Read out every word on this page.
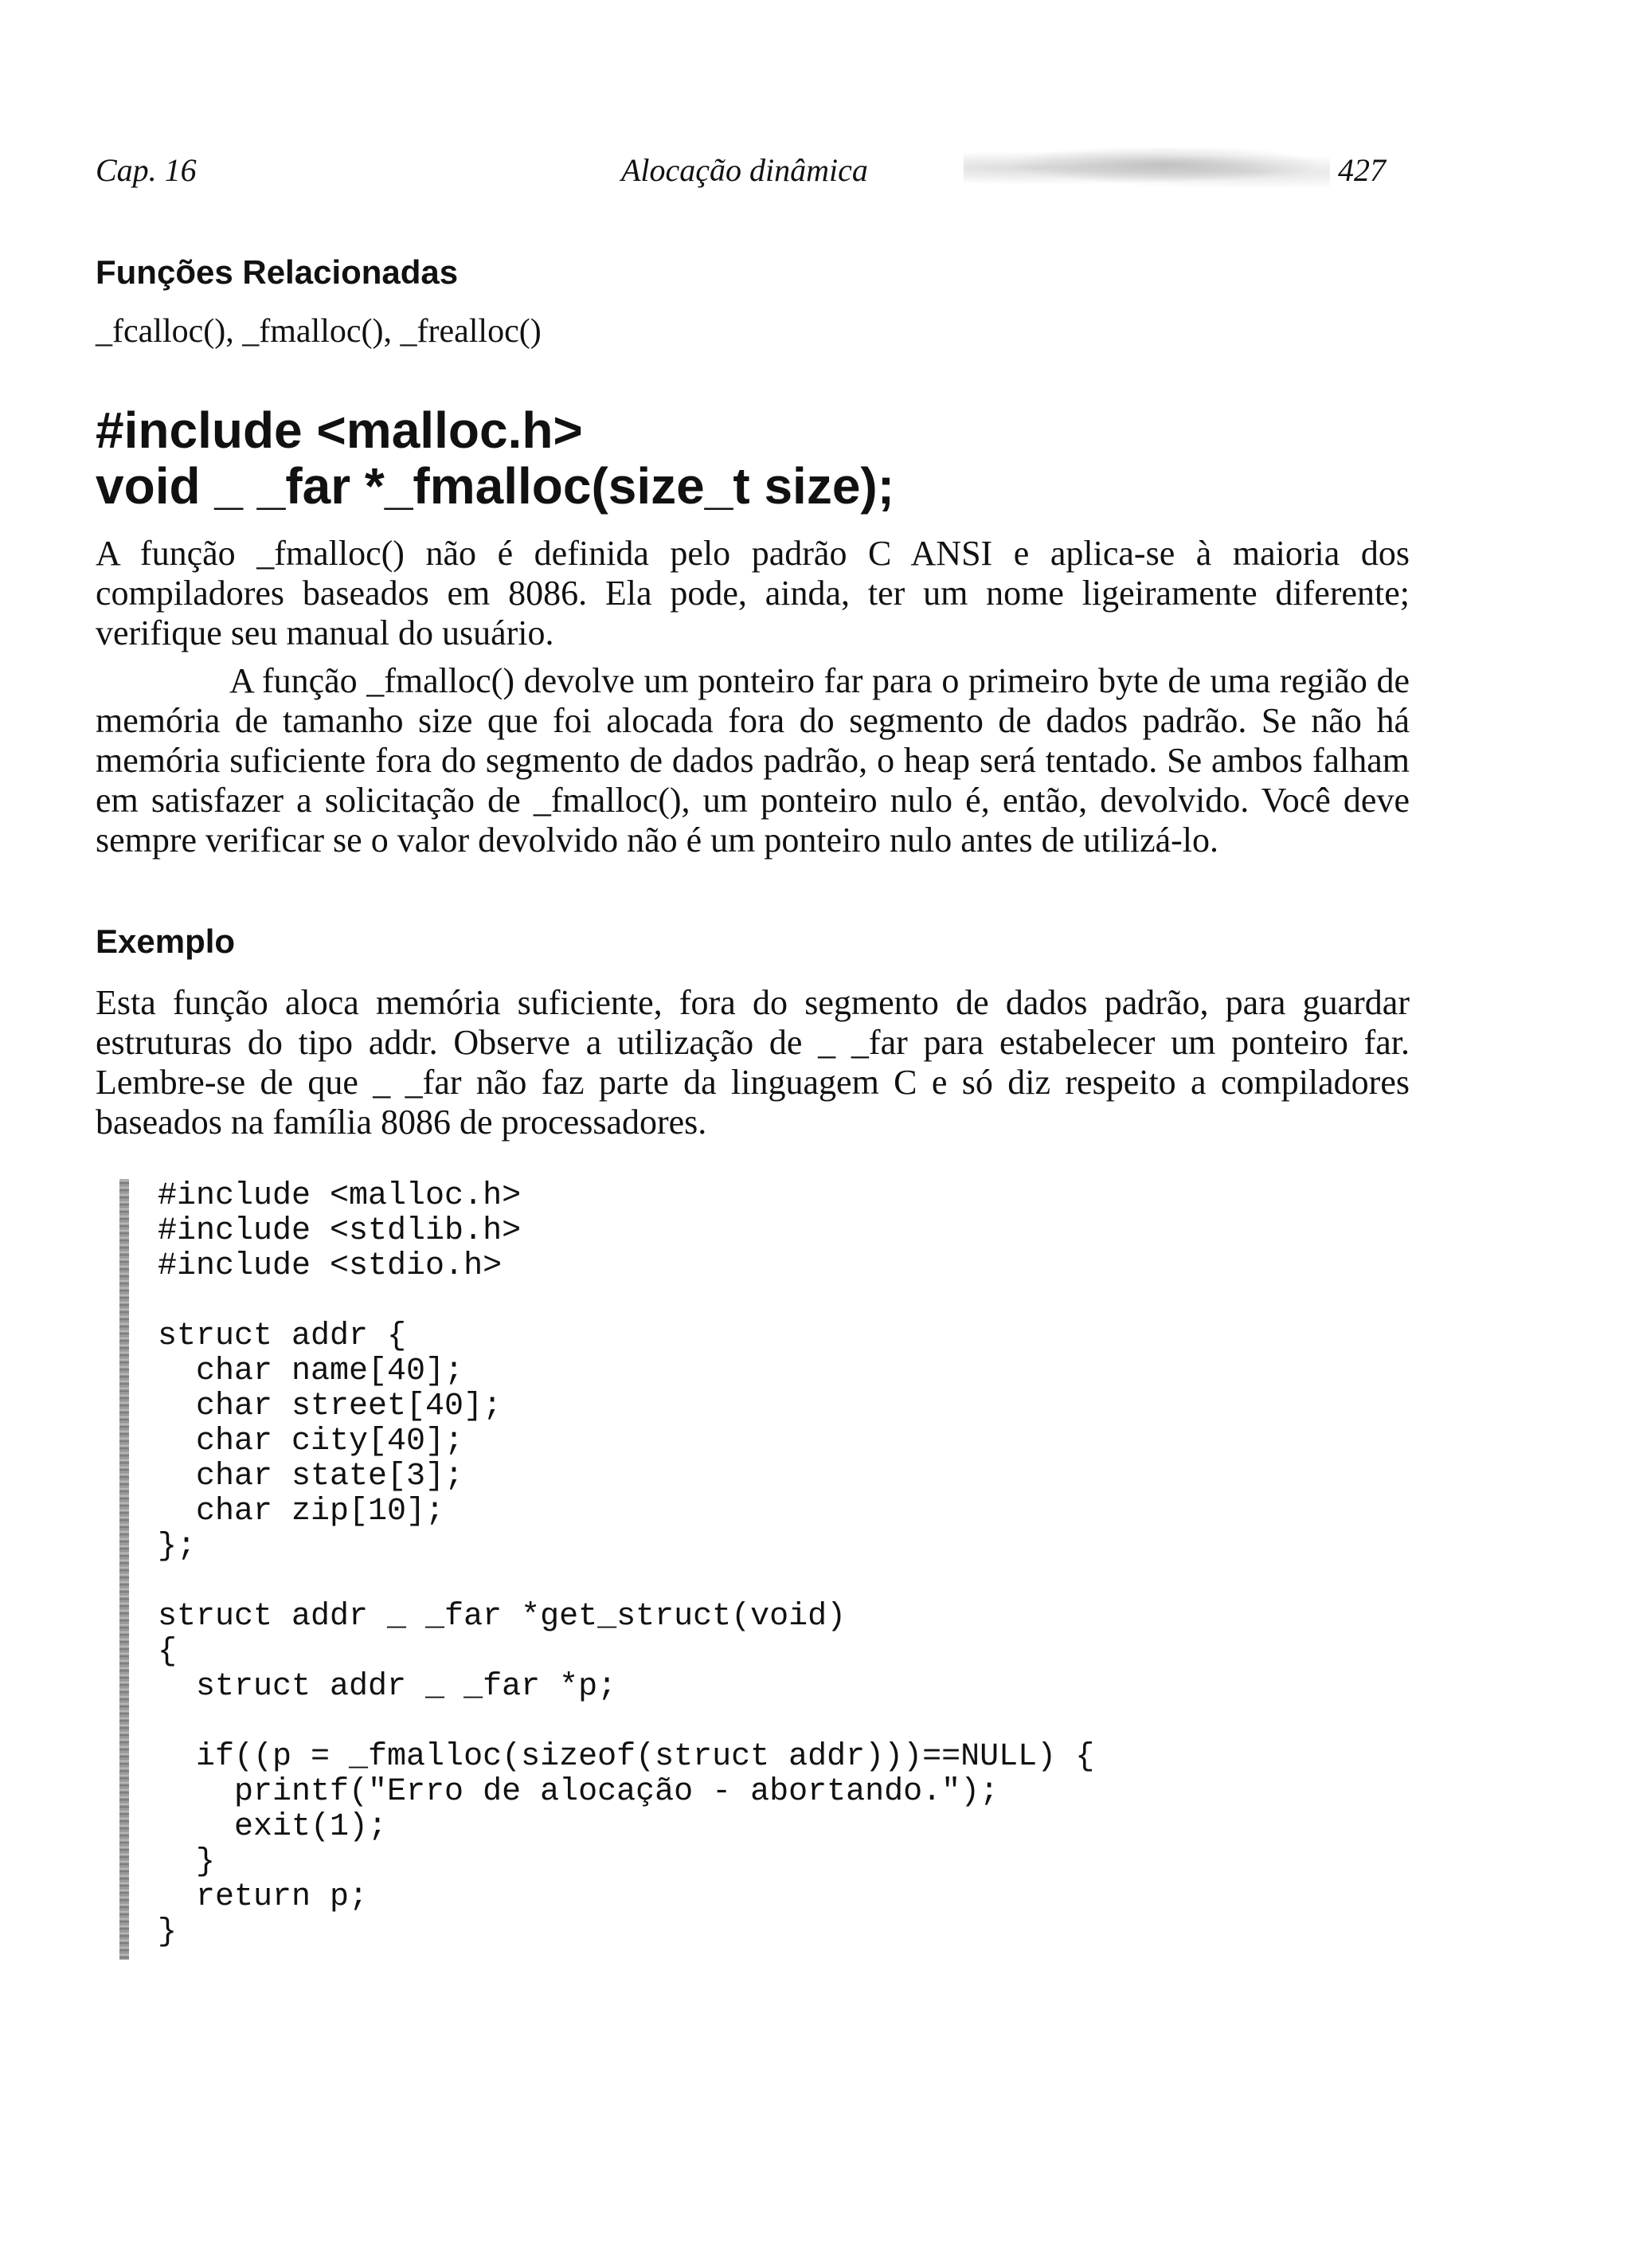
Cap. 16	Alocação dinâmica	427
Funções Relacionadas
_fcalloc(), _fmalloc(), _frealloc()
#include <malloc.h>
void _ _far *_fmalloc(size_t size);
A função _fmalloc() não é definida pelo padrão C ANSI e aplica-se à maioria dos compiladores baseados em 8086. Ela pode, ainda, ter um nome ligeiramente diferente; verifique seu manual do usuário.
A função _fmalloc() devolve um ponteiro far para o primeiro byte de uma região de memória de tamanho size que foi alocada fora do segmento de dados padrão. Se não há memória suficiente fora do segmento de dados padrão, o heap será tentado. Se ambos falham em satisfazer a solicitação de _fmalloc(), um ponteiro nulo é, então, devolvido. Você deve sempre verificar se o valor devolvido não é um ponteiro nulo antes de utilizá-lo.
Exemplo
Esta função aloca memória suficiente, fora do segmento de dados padrão, para guardar estruturas do tipo addr. Observe a utilização de _ _far para estabelecer um ponteiro far. Lembre-se de que _ _far não faz parte da linguagem C e só diz respeito a compiladores baseados na família 8086 de processadores.
#include <malloc.h>
#include <stdlib.h>
#include <stdio.h>

struct addr {
char name[40];
char street[40];
char city[40];
char state[3];
char zip[10];
};

struct addr _ _far *get_struct(void)
{
struct addr _ _far *p;

if((p = _fmalloc(sizeof(struct addr)))==NULL) {
printf("Erro de alocação - abortando.");
exit(1);
}
return p;
}
